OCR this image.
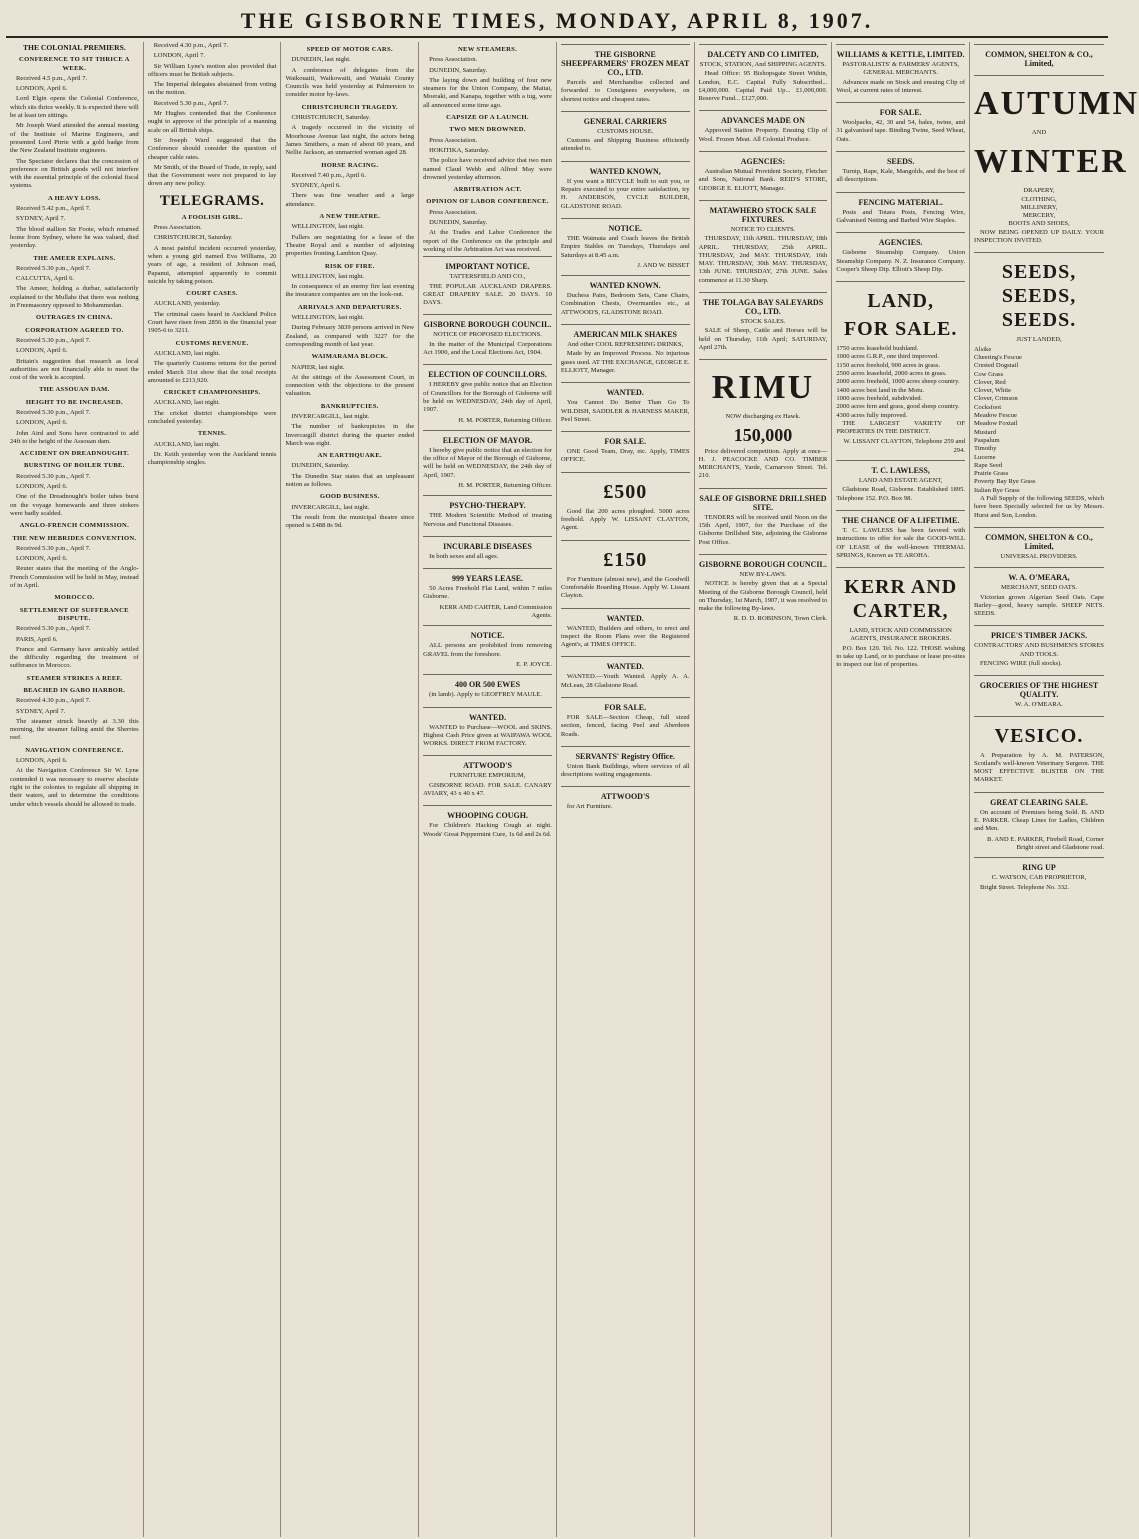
THE GISBORNE TIMES, MONDAY, APRIL 8, 1907.
THE COLONIAL PREMIERS.
CONFERENCE TO SIT THRICE A WEEK.

Received 4.5 p.m., April 7.

LONDON, April 6.

Lord Elgin opens the Colonial Conference, which sits thrice weekly. It is expected there will be at least ten sittings.

Mr Joseph Ward attended the annual meeting of the Institute of Marine Engineers, and presented Lord Pirrie with a gold badge from the New Zealand Institute engineers.

The Spectator declares that the concession of preference on British goods will not interfere with the essential principle of the colonial fiscal systems.

A HEAVY LOSS.

Received 5.42 p.m., April 7.

SYDNEY, April 7.

The blood stallion Sir Foote, which returned home from Sydney, where he was valued, died yesterday.

THE AMEER EXPLAINS.

Received 5.30 p.m., April 7.

CALCUTTA, April 6.

The Ameer, holding a durbar, satisfactorily explained to the Mullahs that there was nothing in Freemasonry opposed to Mohammedan.

OUTRAGES IN CHINA.
CORPORATION AGREED TO.

Received 5.30 p.m., April 7.

LONDON, April 6.

Britain's suggestion that research as local authorities are not financially able to meet the cost of the work is accepted.

THE ASSOUAN DAM.
HEIGHT TO BE INCREASED.

Received 5.30 p.m., April 7.

LONDON, April 6.

John Aird and Sons have contracted to add 24ft to the height of the Assouan dam.

ACCIDENT ON DREADNOUGHT.
BURSTING OF BOILER TUBE.

Received 5.30 p.m., April 7.

LONDON, April 6.

One of the Dreadnought's boiler tubes burst on the voyage homewards and three stokers were badly scalded.

ANGLO-FRENCH COMMISSION.
THE NEW HEBRIDES CONVENTION.

Received 5.30 p.m., April 7.

LONDON, April 6.

Reuter states that the meeting of the Anglo-French Commission will be held in May, instead of in April.

MOROCCO.
SETTLEMENT OF SUFFERANCE DISPUTE.

Received 5.30 p.m., April 7.

PARIS, April 6.

France and Germany have amicably settled the difficulty regarding the treatment of sufferance in Morocco.

STEAMER STRIKES A REEF.
BEACHED IN GABO HARBOR.

Received 4.30 p.m., April 7.

SYDNEY, April 7.

The steamer struck heavily at 3.30 this morning, the steamer falling amid the Sherries reef.

NAVIGATION CONFERENCE.

LONDON, April 6.

At the Navigation Conference Sir W. Lyne contended it was necessary to reserve absolute right to the colonies to regulate all shipping in their waters, and to determine the conditions under which vessels should be allowed to trade.

Received 4.30 p.m., April 7.

LONDON, April 7.

Sir William Lyne's motion also provided that officers must be British subjects.

The Imperial delegates abstained from voting on the motion.

Received 5.30 p.m., April 7.

Mr Hughes contended that the Conference ought to approve of the principle of a manning scale on all British ships.

Sir Joseph Ward suggested that the Conference should consider the question of cheaper cable rates.

Mr Smith, of the Board of Trade, in reply, said that the Government were not prepared to lay down any new policy.

TELEGRAMS.
A FOOLISH GIRL.

Press Association.

CHRISTCHURCH, Saturday.

A most painful incident occurred yesterday, when a young girl named Eva Williams, 20 years of age, a resident of Johnson road, Papanui, attempted apparently to commit suicide by taking poison.

COURT CASES.

AUCKLAND, yesterday.

The criminal cases heard in Auckland Police Court have risen from 2856 in the financial year 1905-6 to 3211.

CUSTOMS REVENUE.

AUCKLAND, last night.

The quarterly Customs returns for the period ended March 31st show that the total receipts amounted to £213,920.

CRICKET CHAMPIONSHIPS.

AUCKLAND, last night.

The cricket district championships were concluded yesterday.

TENNIS.

AUCKLAND, last night.

Dr. Keith yesterday won the Auckland tennis championship singles.

SPEED OF MOTOR CARS.

DUNEDIN, last night.

A conference of delegates from the Waikouaiti, Waikowaiti, and Waitaki County Councils was held yesterday at Palmerston to consider motor by-laws.

CHRISTCHURCH TRAGEDY.

CHRISTCHURCH, Saturday.

A tragedy occurred in the vicinity of Moorhouse Avenue last night, the actors being James Smithers, a man of about 60 years, and Nellie Jackson, an unmarried woman aged 28.

HORSE RACING.

Received 7.40 p.m., April 6.

SYDNEY, April 6.

There was fine weather and a large attendance.

A NEW THEATRE.

WELLINGTON, last night.

Fullers are negotiating for a lease of the Theatre Royal and a number of adjoining properties fronting Lambton Quay.

RISK OF FIRE.

WELLINGTON, last night.

In consequence of an enemy fire last evening the insurance companies are on the look-out.

ARRIVALS AND DEPARTURES.

WELLINGTON, last night.

During February 3839 persons arrived in New Zealand, as compared with 3227 for the corresponding month of last year.

WAIMARAMA BLOCK.

NAPIER, last night.

At the sittings of the Assessment Court, in connection with the objections to the present valuation.

BANKRUPTCIES.

INVERCARGILL, last night.

The number of bankruptcies in the Invercargill district during the quarter ended March was eight.

AN EARTHQUAKE.

DUNEDIN, Saturday.

The Dunedin Star states that an unpleasant notion as follows.

GOOD BUSINESS.

INVERCARGILL, last night.

The result from the municipal theatre since opened is £488 8s 9d.

NEW STEAMERS.

Press Association.

DUNEDIN, Saturday.

The laying down and building of four new steamers for the Union Company, the Maitai, Moeraki, and Kanapa, together with a tug, were all announced some time ago.

CAPSIZE OF A LAUNCH.
TWO MEN DROWNED.

Press Association.

HOKITIKA, Saturday.

The police have received advice that two men named Claud Webb and Alfred May were drowned yesterday afternoon.

ARBITRATION ACT.
OPINION OF LABOR CONFERENCE.

Press Association.

DUNEDIN, Saturday.

At the Trades and Labor Conference the report of the Conference on the principle and working of the Arbitration Act was received.

IMPORTANT NOTICE.
TATTERSFIELD AND CO.,

THE POPULAR AUCKLAND DRAPERS. GREAT DRAPERY SALE. 20 DAYS. 10 DAYS.

GISBORNE BOROUGH COUNCIL.
NOTICE OF PROPOSED ELECTIONS.

In the matter of the Municipal Corporations Act 1900, and the Local Elections Act, 1904.

ELECTION OF COUNCILLORS.

I HEREBY give public notice that an Election of Councillors for the Borough of Gisborne will be held on WEDNESDAY, 24th day of April, 1907.

H. M. PORTER, Returning Officer.
ELECTION OF MAYOR.

I hereby give public notice that an election for the office of Mayor of the Borough of Gisborne, will be held on WEDNESDAY, the 24th day of April, 1907.

H. M. PORTER, Returning Officer.
PSYCHO-THERAPY.

THE Modern Scientific Method of treating Nervous and Functional Diseases.

INCURABLE DISEASES

In both sexes and all ages.

999 YEARS LEASE.

50 Acres Freehold Flat Land, within 7 miles Gisborne.

KERR AND CARTER, Land Commission Agents.
NOTICE.

ALL persons are prohibited from removing GRAVEL from the foreshore.

E. P. JOYCE.
400 OR 500 EWES

(in lamb). Apply to GEOFFREY MAULE.

WANTED.

WANTED to Purchase—WOOL and SKINS. Highest Cash Price given at WAIPAWA WOOL WORKS. DIRECT FROM FACTORY.

ATTWOOD'S
FURNITURE EMPORIUM,

GISBORNE ROAD. FOR SALE. CANARY AVIARY, 43 x 40 x 47.

WHOOPING COUGH.

For Children's Hacking Cough at night. Woods' Great Peppermint Cure, 1s 6d and 2s 6d.

THE GISBORNE SHEEPFARMERS' FROZEN MEAT CO., LTD.

Parcels and Merchandise collected and forwarded to Consignees everywhere, on shortest notice and cheapest rates.

GENERAL CARRIERS
CUSTOMS HOUSE.

Customs and Shipping Business efficiently attended to.

WANTED KNOWN,

If you want a BICYCLE built to suit you, or Repairs executed to your entire satisfaction, try H. ANDERSON, CYCLE BUILDER, GLADSTONE ROAD.

NOTICE.

THE Waimata and Coach leaves the British Empire Stables on Tuesdays, Thursdays and Saturdays at 8.45 a.m.

J. AND W. BISSET
WANTED KNOWN.

Duchess Pairs, Bedroom Sets, Cane Chairs, Combination Chests, Overmantles etc., at ATTWOOD'S, GLADSTONE ROAD.

AMERICAN MILK SHAKES
And other COOL REFRESHING DRINKS,

Made by an Improved Process. No injurious gases used. AT THE EXCHANGE, GEORGE E. ELLIOTT, Manager.

WANTED.

You Cannot Do Better Than Go To WILDISH, SADDLER & HARNESS MAKER, Peel Street.

FOR SALE.

ONE Good Team, Dray, etc. Apply, TIMES OFFICE.

£500

Good flat 200 acres ploughed. 5000 acres freehold. Apply W. LISSANT CLAYTON, Agent.

£150

For Furniture (almost new), and the Goodwill Comfortable Boarding House. Apply W. Lissant Clayton.

WANTED.

WANTED, Builders and others, to erect and inspect the Room Plans over the Registered Agent's, at TIMES OFFICE.

WANTED.

WANTED.—Youth Wanted. Apply A. A. McLean, 28 Gladstone Road.

FOR SALE.

FOR SALE—Section Cheap, full sized section, fenced, facing Peel and Aberdeen Roads.

SERVANTS' Registry Office.

Union Bank Buildings, where services of all descriptions waiting engagements.

ATTWOOD'S

for Art Furniture.

DALCETY AND CO LIMITED,
STOCK, STATION, And SHIPPING AGENTS.

Head Office: 95 Bishopsgate Street Within, London, E.C. Capital Fully Subscribed... £4,000,000. Capital Paid Up... £1,000,000. Reserve Fund... £127,000.

ADVANCES MADE ON

Approved Station Property. Ensuing Clip of Wool. Frozen Meat. All Colonial Produce.

AGENCIES:

Australian Mutual Provident Society, Fletcher and Sons, National Bank. REID'S STORE, GEORGE E. ELIOTT, Manager.

MATAWHERO STOCK SALE FIXTURES.
NOTICE TO CLIENTS.

THURSDAY, 11th APRIL. THURSDAY, 18th APRIL. THURSDAY, 25th APRIL. THURSDAY, 2nd MAY. THURSDAY, 16th MAY. THURSDAY, 30th MAY. THURSDAY, 13th JUNE. THURSDAY, 27th JUNE. Sales commence at 11.30 Sharp.

THE TOLAGA BAY SALEYARDS CO., LTD.
STOCK SALES.

SALE of Sheep, Cattle and Horses will be held on Thursday, 11th April; SATURDAY, April 27th.

RIMU
NOW discharging ex Hawk.
150,000

Price delivered competition. Apply at once— H. J. PEACOCKE AND CO. TIMBER MERCHANTS, Yarde, Carnarvon Street. Tel. 210.

SALE OF GISBORNE DRILLSHED SITE.

TENDERS will be received until Noon on the 15th April, 1907, for the Purchase of the Gisborne Drillshed Site, adjoining the Gisborne Post Office.

GISBORNE BOROUGH COUNCIL.
NEW BY-LAWS.

NOTICE is hereby given that at a Special Meeting of the Gisborne Borough Council, held on Thursday, 1st March, 1907, it was resolved to make the following By-laws.

R. D. D. ROBINSON, Town Clerk.
WILLIAMS & KETTLE, LIMITED.
PASTORALISTS' & FARMERS' AGENTS, GENERAL MERCHANTS.

Advances made on Stock and ensuing Clip of Wool, at current rates of interest.

FOR SALE.

Woolpacks, 42, 30 and 54, bales, twine, and 31 galvanised tape. Binding Twine, Seed Wheat, Oats.

SEEDS.

Turnip, Rape, Kale, Mangolds, and the best of all descriptions.

FENCING MATERIAL.

Posts and Totara Posts, Fencing Wire, Galvanised Netting and Barbed Wire Staples.

AGENCIES.

Gisborne Steamship Company. Union Steamship Company. N. Z. Insurance Company. Cooper's Sheep Dip. Elliott's Sheep Dip.

LAND,
FOR SALE.
1750 acres leasehold bushland.
1000 acres G.R.P., one third improved.
1150 acres freehold, 900 acres in grass.
2500 acres leasehold, 2000 acres in grass.
2000 acres freehold, 1000 acres sheep country.
1400 acres best land in the Motu.
1000 acres freehold, subdivided.
2000 acres fern and grass, good sheep country.
4300 acres fully improved.

THE LARGEST VARIETY OF PROPERTIES IN THE DISTRICT.

W. LISSANT CLAYTON, Telephone 259 and 294.
T. C. LAWLESS,
LAND AND ESTATE AGENT,

Gladstone Road, Gisborne. Established 1895. Telephone 152. P.O. Box 98.

THE CHANCE OF A LIFETIME.

T. C. LAWLESS has been favored with instructions to offer for sale the GOOD-WILL OF LEASE of the well-known THERMAL SPRINGS, Known as TE AROHA.

KERR AND CARTER,
LAND, STOCK AND COMMISSION AGENTS, INSURANCE BROKERS.

P.O. Box 120. Tel. No. 122. THOSE wishing to take up Land, or to purchase or lease pre-sites to inspect our list of properties.

COMMON, SHELTON & CO., Limited,
AUTUMN
AND
WINTER
DRAPERY,
CLOTHING,
MILLINERY,
MERCERY,
BOOTS AND SHOES,

NOW BEING OPENED UP DAILY. YOUR INSPECTION INVITED.

SEEDS, SEEDS, SEEDS.
JUST LANDED,
Alsike
Cheering's Fescue
Crested Dogstail
Cow Grass
Clover, Red
Clover, White
Clover, Crimson
Cocksfoot
Meadow Fescue
Meadow Foxtail
Mustard
Paspalum
Timothy
Lucerne
Rape Seed
Prairie Grass
Poverty Bay Rye Grass
Italian Rye Grass

A Full Supply of the following SEEDS, which have been Specially selected for us by Messrs. Hurst and Son, London.

COMMON, SHELTON & CO., Limited,
UNIVERSAL PROVIDERS.
W. A. O'MEARA,
MERCHANT, SEED OATS.

Victorian grown Algerian Seed Oats. Cape Barley—good, heavy sample. SHEEP NETS. SEEDS.

PRICE'S TIMBER JACKS.
CONTRACTORS' AND BUSHMEN'S STORES AND TOOLS.

FENCING WIRE (full stocks).

GROCERIES OF THE HIGHEST QUALITY.
W. A. O'MEARA.
VESICO.

A Preparation by A. M. PATERSON, Scotland's well-known Veterinary Surgeon. THE MOST EFFECTIVE BLISTER ON THE MARKET.

GREAT CLEARING SALE.

On account of Premises being Sold. B. AND E. PARKER. Cheap Lines for Ladies, Children and Men.

B. AND E. PARKER, Firebell Road, Corner Bright street and Gladstone road.
RING UP
C. WATSON, CAB PROPRIETOR,

Bright Street. Telephone No. 332.
